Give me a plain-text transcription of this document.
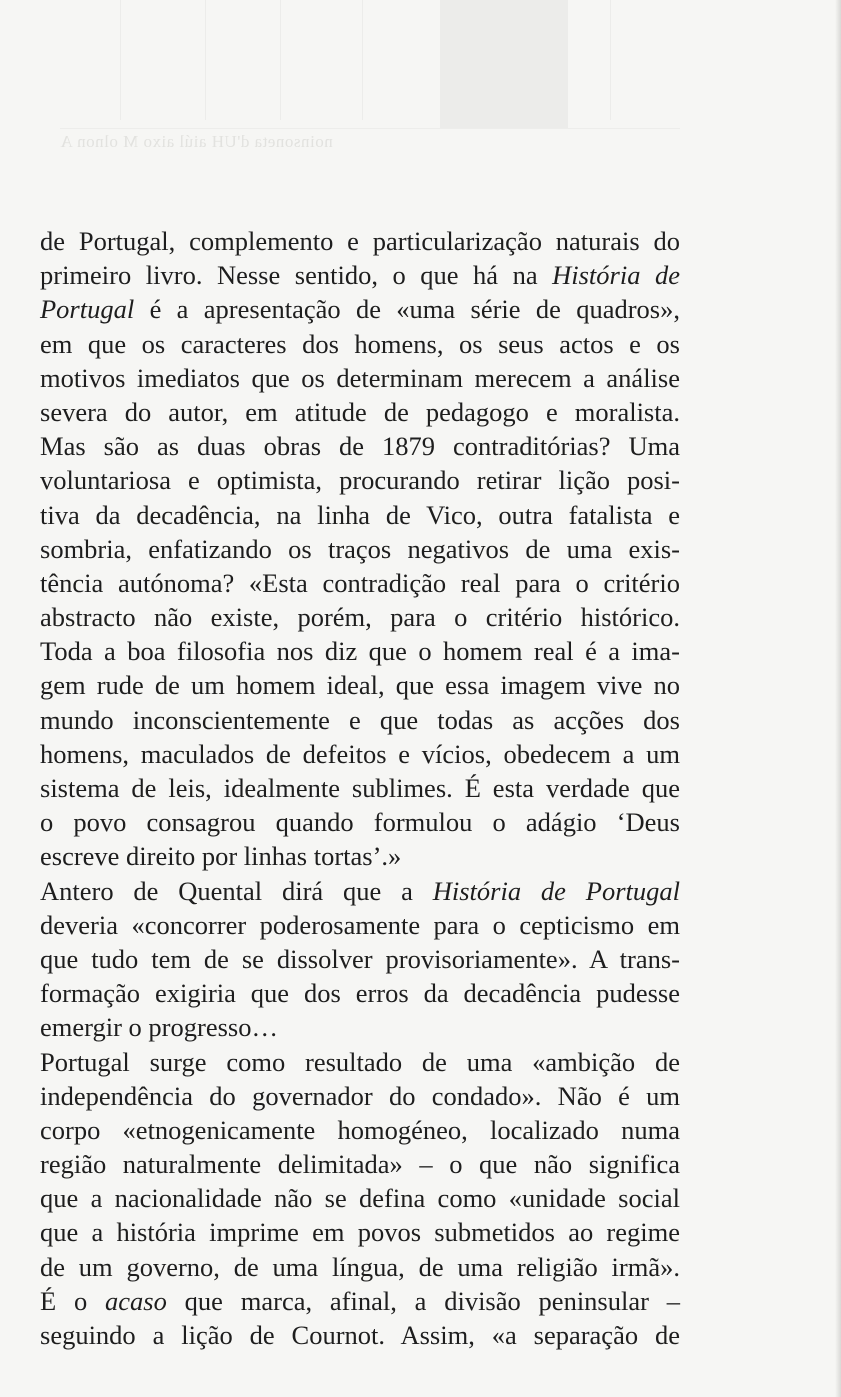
noinsoneta d'UH aiúl aixo M olnon A
de Portugal, complemento e particularização naturais do
primeiro livro. Nesse sentido, o que há na História de
Portugal é a apresentação de «uma série de quadros»,
em que os caracteres dos homens, os seus actos e os
motivos imediatos que os determinam merecem a análise
severa do autor, em atitude de pedagogo e moralista.
Mas são as duas obras de 1879 contraditórias? Uma
voluntariosa e optimista, procurando retirar lição posi-
tiva da decadência, na linha de Vico, outra fatalista e
sombria, enfatizando os traços negativos de uma exis-
tência autónoma? «Esta contradição real para o critério
abstracto não existe, porém, para o critério histórico.
Toda a boa filosofia nos diz que o homem real é a ima-
gem rude de um homem ideal, que essa imagem vive no
mundo inconscientemente e que todas as acções dos
homens, maculados de defeitos e vícios, obedecem a um
sistema de leis, idealmente sublimes. É esta verdade que
o povo consagrou quando formulou o adágio ‘Deus
escreve direito por linhas tortas’.»
Antero de Quental dirá que a História de Portugal
deveria «concorrer poderosamente para o cepticismo em
que tudo tem de se dissolver provisoriamente». A trans-
formação exigiria que dos erros da decadência pudesse
emergir o progresso…
Portugal surge como resultado de uma «ambição de
independência do governador do condado». Não é um
corpo «etnogenicamente homogéneo, localizado numa
região naturalmente delimitada» – o que não significa
que a nacionalidade não se defina como «unidade social
que a história imprime em povos submetidos ao regime
de um governo, de uma língua, de uma religião irmã».
É o acaso que marca, afinal, a divisão peninsular –
seguindo a lição de Cournot. Assim, «a separação de
